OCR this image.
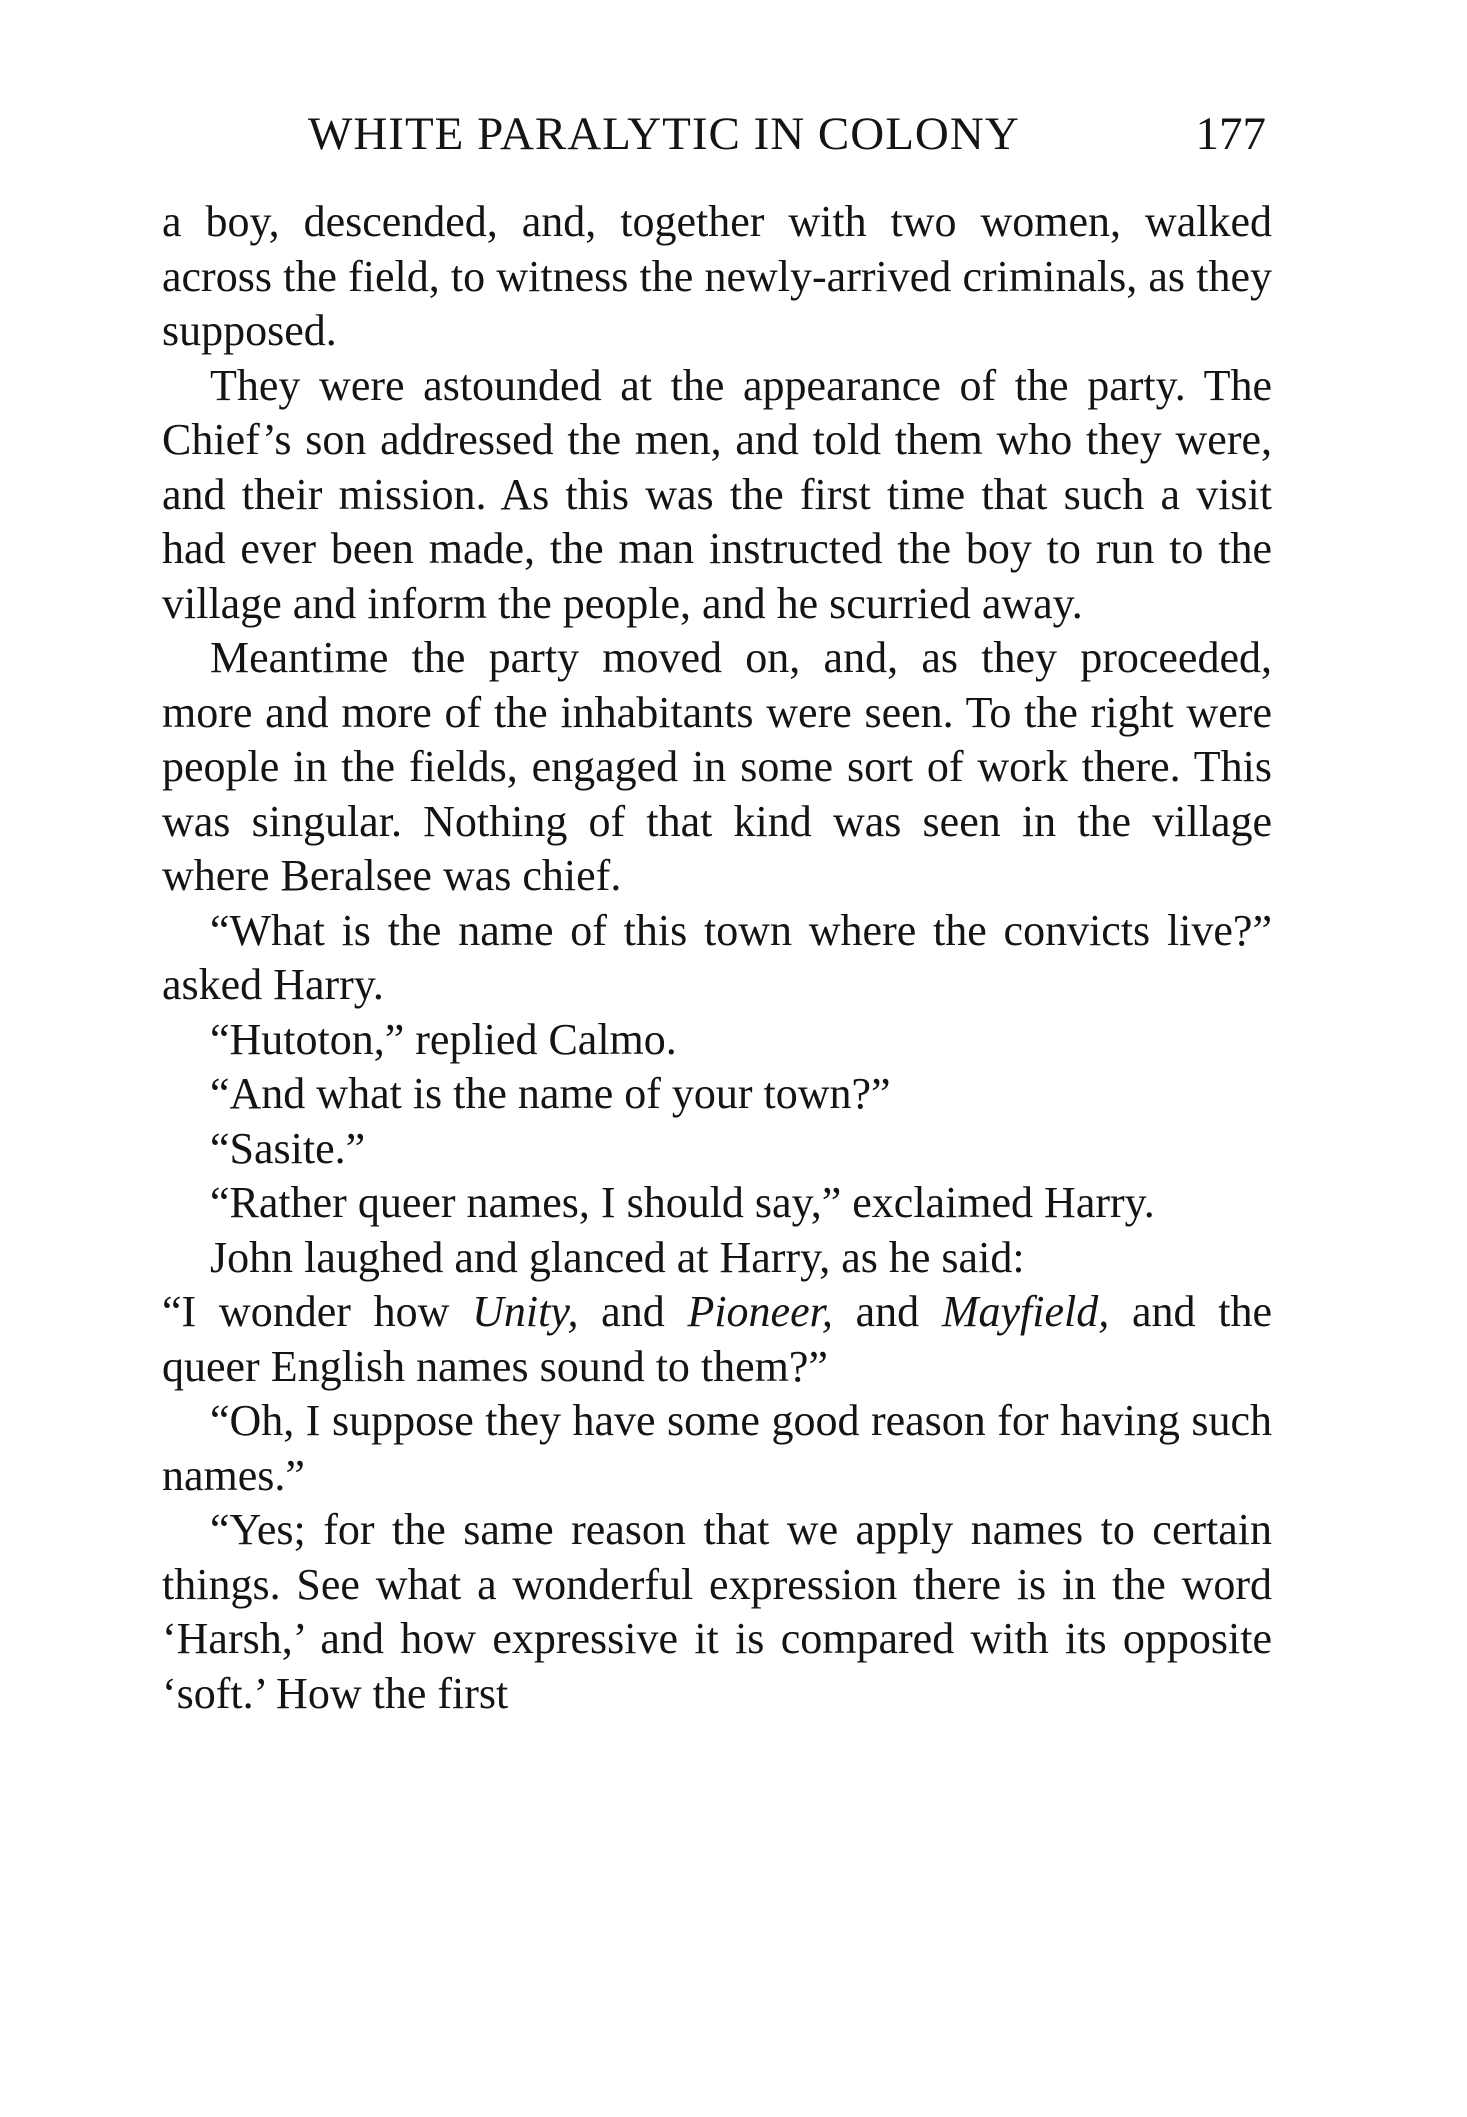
WHITE PARALYTIC IN COLONY	177

a boy, descended, and, together with two women, walked across the field, to witness the newly-arrived criminals, as they supposed.

They were astounded at the appearance of the party. The Chief’s son addressed the men, and told them who they were, and their mission. As this was the first time that such a visit had ever been made, the man instructed the boy to run to the village and inform the people, and he scurried away.

Meantime the party moved on, and, as they proceeded, more and more of the inhabitants were seen. To the right were people in the fields, engaged in some sort of work there. This was singular. Nothing of that kind was seen in the village where Beralsee was chief.

“What is the name of this town where the convicts live?” asked Harry.

“Hutoton,” replied Calmo.

“And what is the name of your town?”

“Sasite.”

“Rather queer names, I should say,” exclaimed Harry.

John laughed and glanced at Harry, as he said:

“I wonder how Unity, and Pioneer, and Mayfield, and the queer English names sound to them?”

“Oh, I suppose they have some good reason for having such names.”

“Yes; for the same reason that we apply names to certain things. See what a wonderful expression there is in the word ‘Harsh,’ and how expressive it is compared with its opposite ‘soft.’ How the first
